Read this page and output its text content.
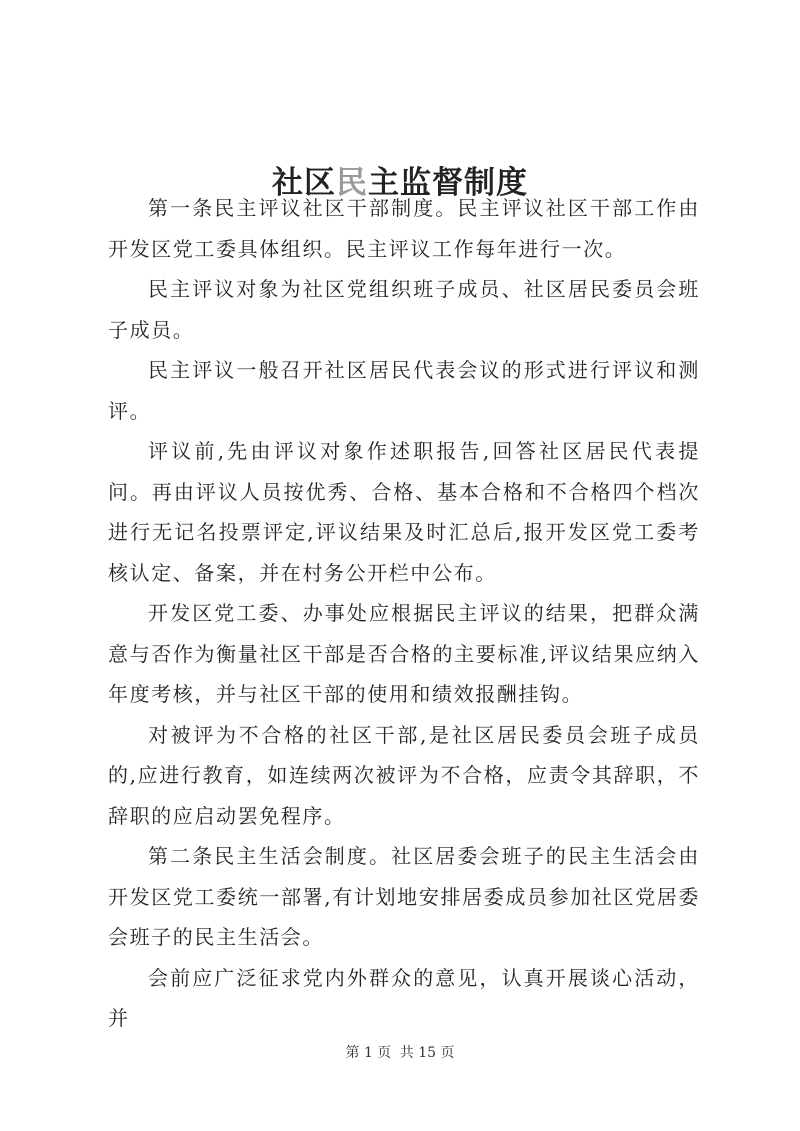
社区民主监督制度

第一条民主评议社区干部制度。民主评议社区干部工作由开发区党工委具体组织。民主评议工作每年进行一次。

民主评议对象为社区党组织班子成员、社区居民委员会班子成员。

民主评议一般召开社区居民代表会议的形式进行评议和测评。

评议前,先由评议对象作述职报告,回答社区居民代表提问。再由评议人员按优秀、合格、基本合格和不合格四个档次进行无记名投票评定,评议结果及时汇总后,报开发区党工委考核认定、备案，并在村务公开栏中公布。

开发区党工委、办事处应根据民主评议的结果，把群众满意与否作为衡量社区干部是否合格的主要标准,评议结果应纳入年度考核，并与社区干部的使用和绩效报酬挂钩。

对被评为不合格的社区干部,是社区居民委员会班子成员的,应进行教育，如连续两次被评为不合格，应责令其辞职，不辞职的应启动罢免程序。

第二条民主生活会制度。社区居委会班子的民主生活会由开发区党工委统一部署,有计划地安排居委成员参加社区党居委会班子的民主生活会。

会前应广泛征求党内外群众的意见，认真开展谈心活动，并

第 1 页 共 15 页
